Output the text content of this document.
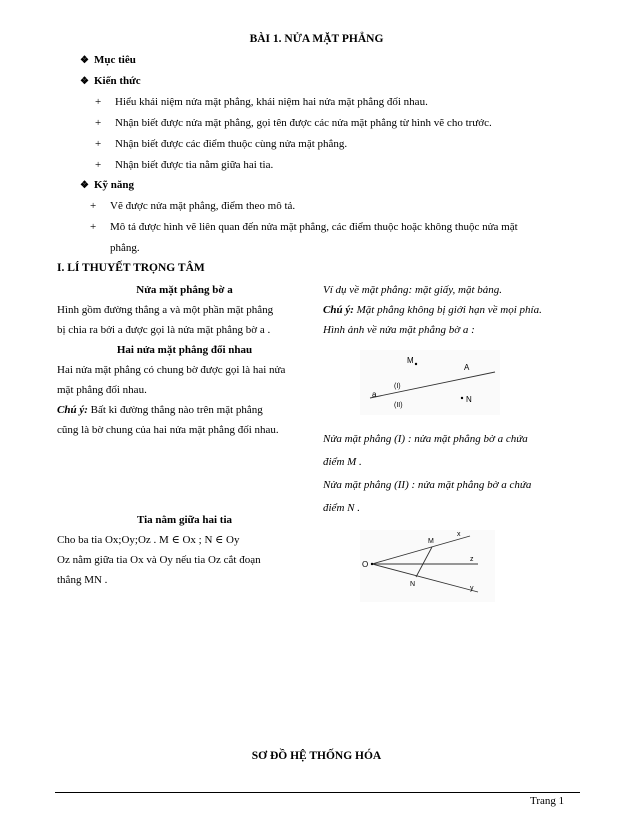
BÀI 1. NỬA MẶT PHẲNG
❖ Mục tiêu
❖ Kiến thức
+ Hiểu khái niệm nửa mặt phẳng, khái niệm hai nửa mặt phẳng đối nhau.
+ Nhận biết được nửa mặt phẳng, gọi tên được các nửa mặt phẳng từ hình vẽ cho trước.
+ Nhận biết được các điểm thuộc cùng nửa mặt phẳng.
+ Nhận biết được tia nằm giữa hai tia.
❖ Kỹ năng
+ Vẽ được nửa mặt phẳng, điểm theo mô tả.
+ Mô tả được hình vẽ liên quan đến nửa mặt phẳng, các điểm thuộc hoặc không thuộc nửa mặt
phẳng.
I. LÍ THUYẾT TRỌNG TÂM
Nửa mặt phẳng bờ a
Hình gồm đường thẳng a và một phần mặt phẳng
bị chia ra bởi a được gọi là nửa mặt phẳng bờ a .
Hai nửa mặt phẳng đối nhau
Hai nửa mặt phẳng có chung bờ được gọi là hai nửa
mặt phẳng đối nhau.
Chú ý: Bất kì đường thẳng nào trên mặt phẳng
cũng là bờ chung của hai nửa mặt phẳng đối nhau.
Tia nằm giữa hai tia
Cho ba tia Ox;Oy;Oz . M ∈ Ox ; N ∈ Oy
Oz nằm giữa tia Ox và Oy nếu tia Oz cắt đoạn
thẳng MN .
Ví dụ về mặt phẳng: mặt giấy, mặt bảng.
Chú ý: Mặt phẳng không bị giới hạn về mọi phía.
Hình ảnh về nửa mặt phẳng bờ a :
M
A
a
(I)
(II)
N
Nửa mặt phẳng (I) : nửa mặt phẳng bờ a chứa
điểm M .
Nửa mặt phẳng (II) : nửa mặt phẳng bờ a chứa
điểm N .
O
M
N
x
z
y
SƠ ĐỒ HỆ THỐNG HÓA
Trang 1
